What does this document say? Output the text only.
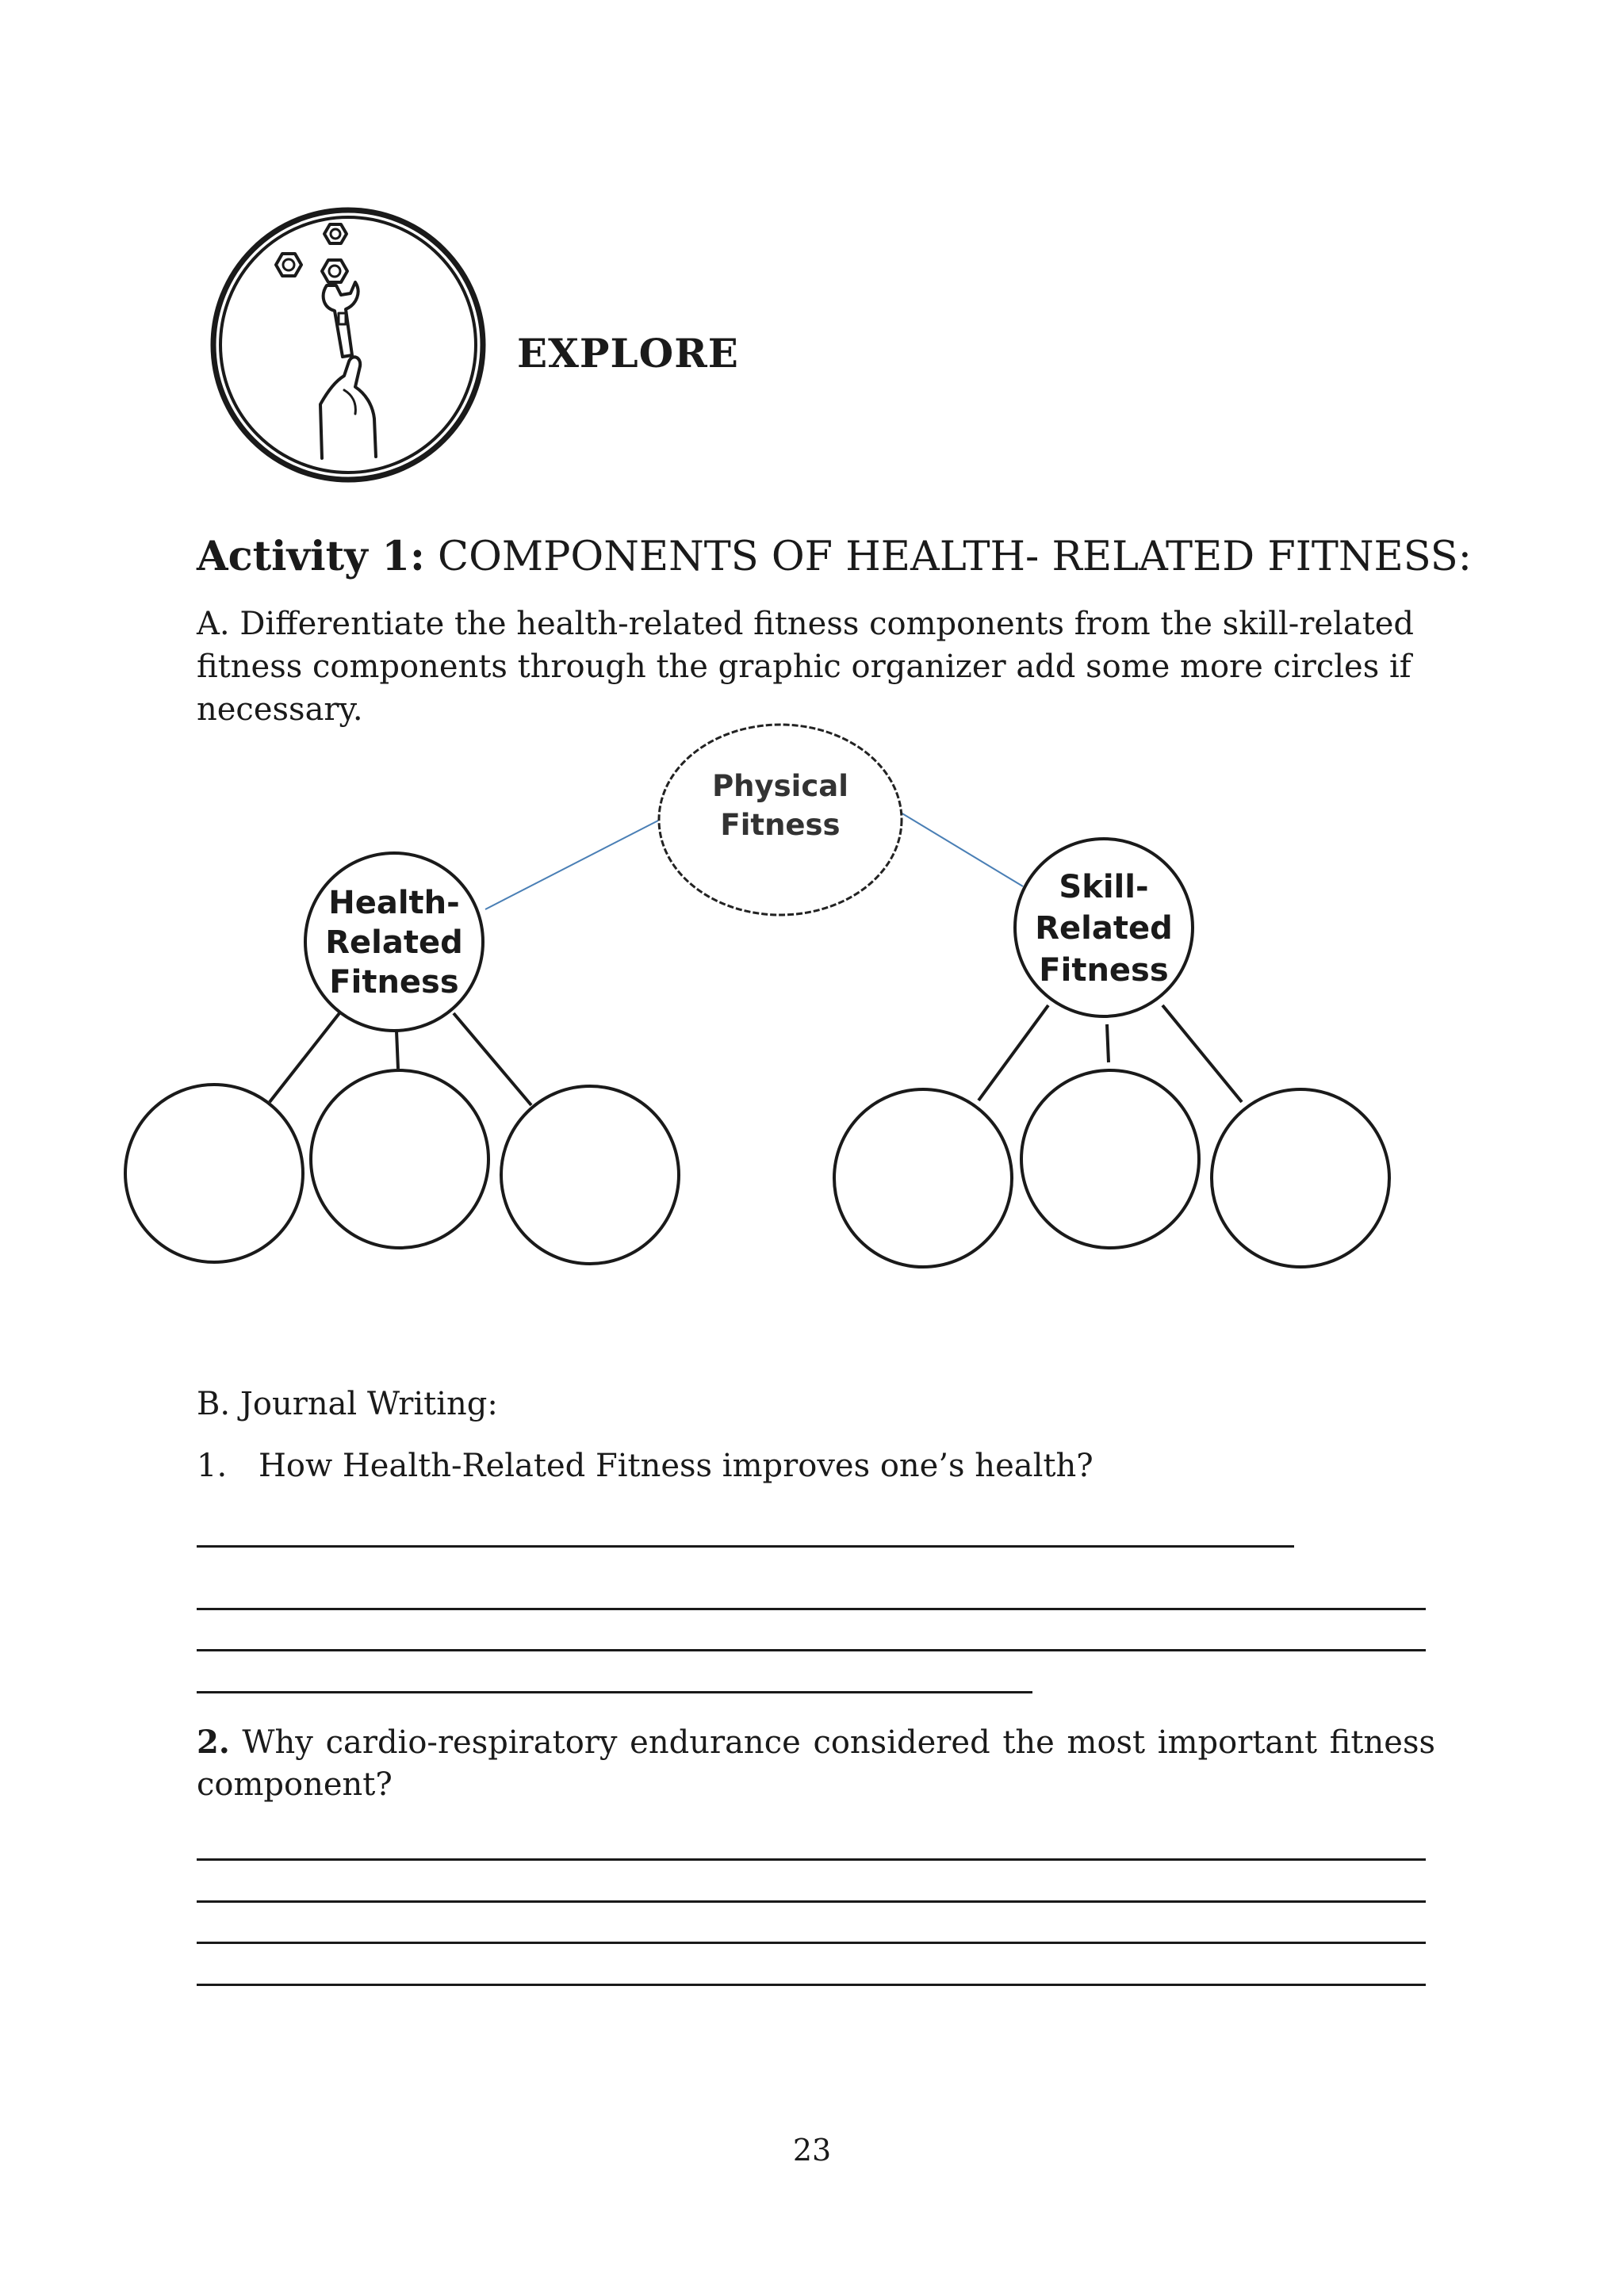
EXPLORE
Activity 1: COMPONENTS OF HEALTH- RELATED FITNESS:
A. Differentiate the health-related fitness components from the skill-related fitness components through the graphic organizer add some more circles if necessary.
Physical
Fitness
Health-
Related
Fitness
Skill-
Related
Fitness
B. Journal Writing:
1. How Health-Related Fitness improves one’s health?
2. Why cardio-respiratory endurance considered the most important fitness component?
23
